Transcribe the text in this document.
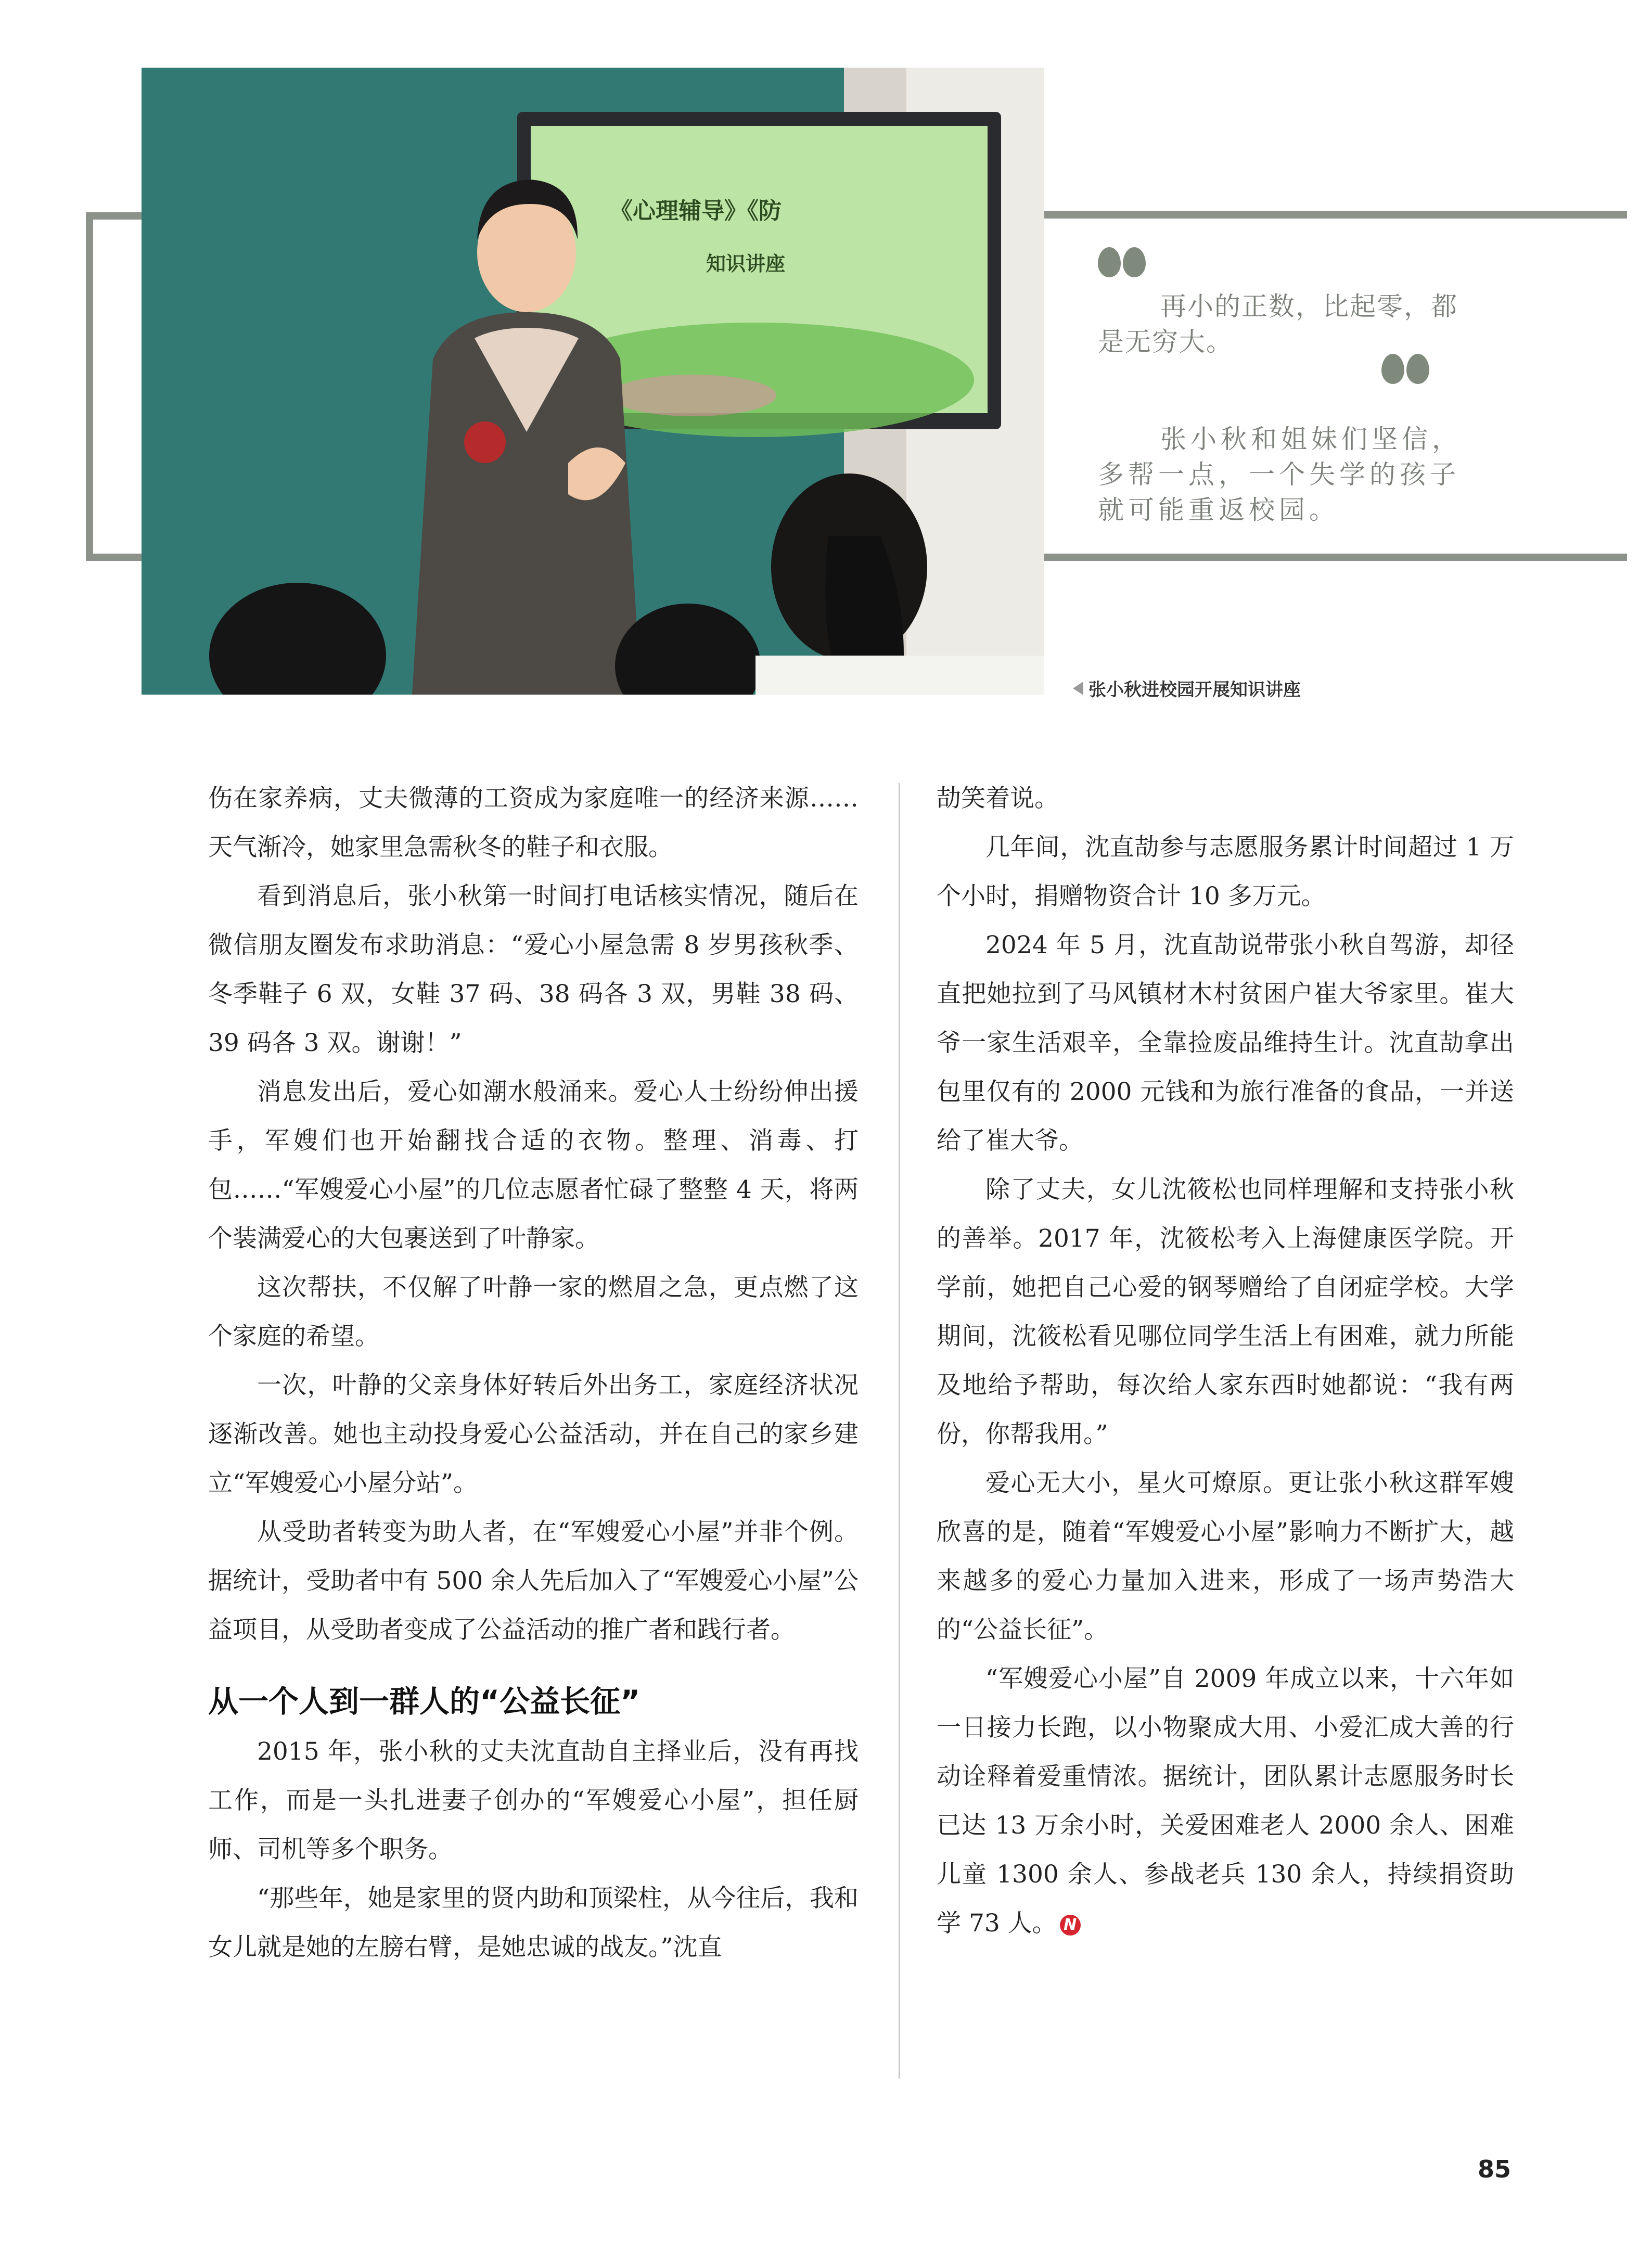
《心理辅导》《防
知识讲座

再小的正数，比起零，都是无穷大。

张小秋和姐妹们坚信，多帮一点，一个失学的孩子就可能重返校园。

张小秋进校园开展知识讲座

伤在家养病，丈夫微薄的工资成为家庭唯一的经济来源……天气渐冷，她家里急需秋冬的鞋子和衣服。

看到消息后，张小秋第一时间打电话核实情况，随后在微信朋友圈发布求助消息：“爱心小屋急需 8 岁男孩秋季、冬季鞋子 6 双，女鞋 37 码、38 码各 3 双，男鞋 38 码、39 码各 3 双。谢谢！”

消息发出后，爱心如潮水般涌来。爱心人士纷纷伸出援手，军嫂们也开始翻找合适的衣物。整理、消毒、打包……“军嫂爱心小屋”的几位志愿者忙碌了整整 4 天，将两个装满爱心的大包裹送到了叶静家。

这次帮扶，不仅解了叶静一家的燃眉之急，更点燃了这个家庭的希望。

一次，叶静的父亲身体好转后外出务工，家庭经济状况逐渐改善。她也主动投身爱心公益活动，并在自己的家乡建立“军嫂爱心小屋分站”。

从受助者转变为助人者，在“军嫂爱心小屋”并非个例。据统计，受助者中有 500 余人先后加入了“军嫂爱心小屋”公益项目，从受助者变成了公益活动的推广者和践行者。

从一个人到一群人的“公益长征”

2015 年，张小秋的丈夫沈直劼自主择业后，没有再找工作，而是一头扎进妻子创办的“军嫂爱心小屋”，担任厨师、司机等多个职务。

“那些年，她是家里的贤内助和顶梁柱，从今往后，我和女儿就是她的左膀右臂，是她忠诚的战友。”沈直

劼笑着说。

几年间，沈直劼参与志愿服务累计时间超过 1 万个小时，捐赠物资合计 10 多万元。

2024 年 5 月，沈直劼说带张小秋自驾游，却径直把她拉到了马风镇材木村贫困户崔大爷家里。崔大爷一家生活艰辛，全靠捡废品维持生计。沈直劼拿出包里仅有的 2000 元钱和为旅行准备的食品，一并送给了崔大爷。

除了丈夫，女儿沈筱松也同样理解和支持张小秋的善举。2017 年，沈筱松考入上海健康医学院。开学前，她把自己心爱的钢琴赠给了自闭症学校。大学期间，沈筱松看见哪位同学生活上有困难，就力所能及地给予帮助，每次给人家东西时她都说：“我有两份，你帮我用。”

爱心无大小，星火可燎原。更让张小秋这群军嫂欣喜的是，随着“军嫂爱心小屋”影响力不断扩大，越来越多的爱心力量加入进来，形成了一场声势浩大的“公益长征”。

“军嫂爱心小屋”自 2009 年成立以来，十六年如一日接力长跑，以小物聚成大用、小爱汇成大善的行动诠释着爱重情浓。据统计，团队累计志愿服务时长已达 13 万余小时，关爱困难老人 2000 余人、困难儿童 1300 余人、参战老兵 130 余人，持续捐资助学 73 人。 N

85
